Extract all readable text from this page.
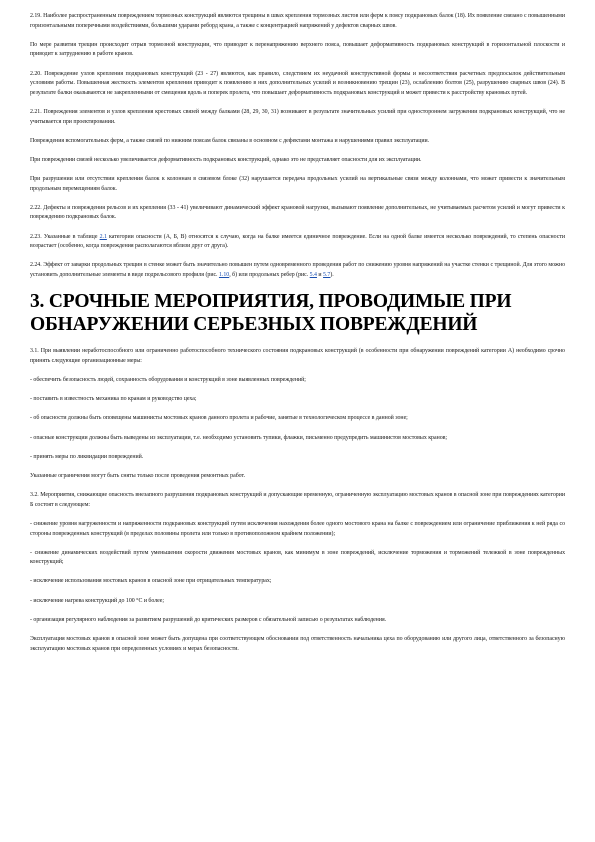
2.19. Наиболее распространенным повреждением тормозных конструкций являются трещины в швах крепления тормозных листов или ферм к поясу подкрановых балок (18). Их появление связано с повышенными горизонтальными поперечными воздействиями, большими ударами реборд крана, а также с концентрацией напряжений у дефектов сварных швов.

По мере развития трещин происходит отрыв тормозной конструкции, что приводит к перенапряжению верхнего пояса, повышает деформативность подкрановых конструкций в горизонтальной плоскости и приводит к затруднению в работе кранов.

2.20. Повреждение узлов крепления подкрановых конструкций (23 - 27) являются, как правило, следствием их неудачной конструктивной формы и несоответствия расчетных предпосылок действительным условиям работы. Повышенная жесткость элементов крепления приводит к появлению в них дополнительных усилий и возникновению трещин (23), ослаблению болтов (25), разрушению сварных швов (24). В результате балки оказываются не закрепленными от смещения вдоль и поперек пролета, что повышает деформативность подкрановых конструкций и может привести к расстройству крановых путей.

2.21. Повреждения элементов и узлов крепления крестовых связей между балками (28, 29, 30, 31) возникают в результате значительных усилий при одностороннем загружении подкрановых конструкций, что не учитывается при проектировании.

Повреждения вспомогательных ферм, а также связей по нижним поясам балок связаны в основном с дефектами монтажа и нарушениями правил эксплуатации.

При повреждении связей несколько увеличивается деформативность подкрановых конструкций, однако это не представляет опасности для их эксплуатации.

При разрушении или отсутствии крепления балок к колоннам в связевом блоке (32) нарушается передача продольных усилий на вертикальные связи между колоннами, что может привести к значительным продольным перемещениям балок.

2.22. Дефекты и повреждения рельсов и их крепления (33 - 41) увеличивают динамический эффект крановой нагрузки, вызывают появление дополнительных, не учитываемых расчетом усилий и могут привести к повреждению подкрановых балок.

2.23. Указанные в таблице 2.1 категории опасности (А, Б, В) относятся к случаю, когда на балке имеется единичное повреждение. Если на одной балке имеется несколько повреждений, то степень опасности возрастает (особенно, когда повреждения располагаются вблизи друг от друга).

2.24. Эффект от заварки продольных трещин в стенке может быть значительно повышен путем одновременного проведения работ по снижению уровня напряжений на участке стенки с трещиной. Для этого можно установить дополнительные элементы в виде подрельсового профиля (рис. 1.10, б) или продольных ребер (рис. 5.4 и 5.7).

3. СРОЧНЫЕ МЕРОПРИЯТИЯ, ПРОВОДИМЫЕ ПРИ ОБНАРУЖЕНИИ СЕРЬЕЗНЫХ ПОВРЕЖДЕНИЙ

3.1. При выявлении неработоспособного или ограниченно работоспособного технического состояния подкрановых конструкций (в особенности при обнаружении повреждений категории А) необходимо срочно принять следующие организационные меры:

- обеспечить безопасность людей, сохранность оборудования и конструкций в зоне выявленных повреждений;

- поставить в известность механика по кранам и руководство цеха;

- об опасности должны быть оповещены машинисты мостовых кранов данного пролета и рабочие, занятые в технологическом процессе в данной зоне;

- опасные конструкции должны быть выведены из эксплуатации, т.е. необходимо установить тупики, флажки, письменно предупредить машинистов мостовых кранов;

- принять меры по ликвидации повреждений.

Указанные ограничения могут быть сняты только после проведения ремонтных работ.

3.2. Мероприятия, снижающие опасность внезапного разрушения подкрановых конструкций и допускающие временную, ограниченную эксплуатацию мостовых кранов в опасной зоне при повреждениях категории Б состоят в следующем:

- снижение уровня нагруженности и напряженности подкрановых конструкций путем исключения нахождения более одного мостового крана на балке с повреждением или ограничение приближения к ней ряда со стороны поврежденных конструкций (в пределах половины пролета или только в противоположном крайнем положении);

- снижение динамических воздействий путем уменьшения скорости движения мостовых кранов, как минимум в зоне повреждений, исключение торможения и торможений тележкой в зоне поврежденных конструкций;

- исключение использования мостовых кранов в опасной зоне при отрицательных температурах;

- исключение нагрева конструкций до 100 °C и более;

- организация регулярного наблюдения за развитием разрушений до критических размеров с обязательной записью о результатах наблюдения.

Эксплуатация мостовых кранов в опасной зоне может быть допущена при соответствующем обосновании под ответственность начальника цеха по оборудованию или другого лица, ответственного за безопасную эксплуатацию мостовых кранов при определенных условиях и мерах безопасности.
